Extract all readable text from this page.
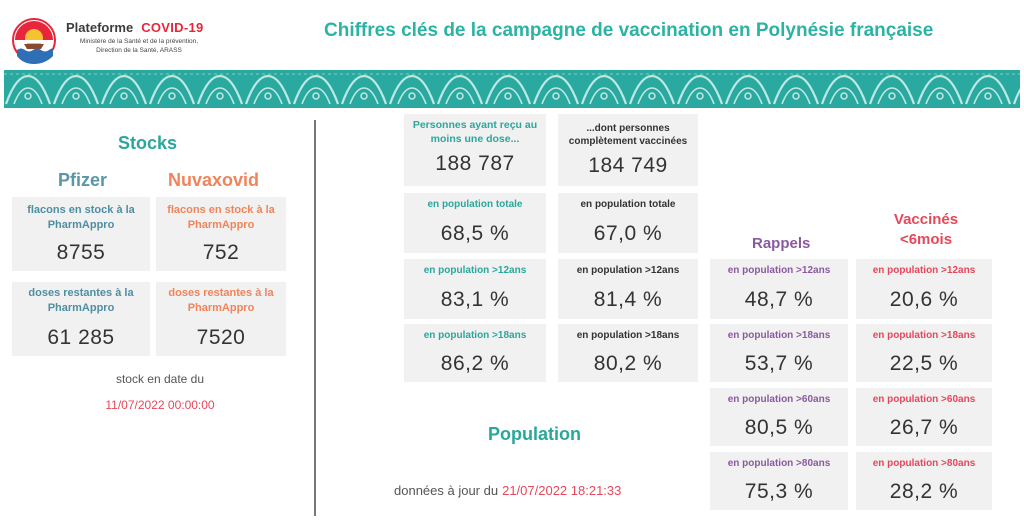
Plateforme COVID-19
Ministère de la Santé et de la prévention,
Direction de la Santé, ARASS
Chiffres clés de la campagne de vaccination en Polynésie française
Stocks
Pfizer	Nuvaxovid
flacons en stock à la PharmAppro
8755
flacons en stock à la PharmAppro
752
doses restantes à la PharmAppro
61 285
doses restantes à la PharmAppro
7520
stock en date du
11/07/2022 00:00:00
Personnes ayant reçu au moins une dose...
188 787
en population totale
68,5 %
en population >12ans
83,1 %
en population >18ans
86,2 %
...dont personnes complètement vaccinées
184 749
en population totale
67,0 %
en population >12ans
81,4 %
en population >18ans
80,2 %
Population
données à jour du 21/07/2022 18:21:33
Rappels
en population >12ans
48,7 %
en population >18ans
53,7 %
en population >60ans
80,5 %
en population >80ans
75,3 %
Vaccinés
<6mois
en population >12ans
20,6 %
en population >18ans
22,5 %
en population >60ans
26,7 %
en population >80ans
28,2 %
